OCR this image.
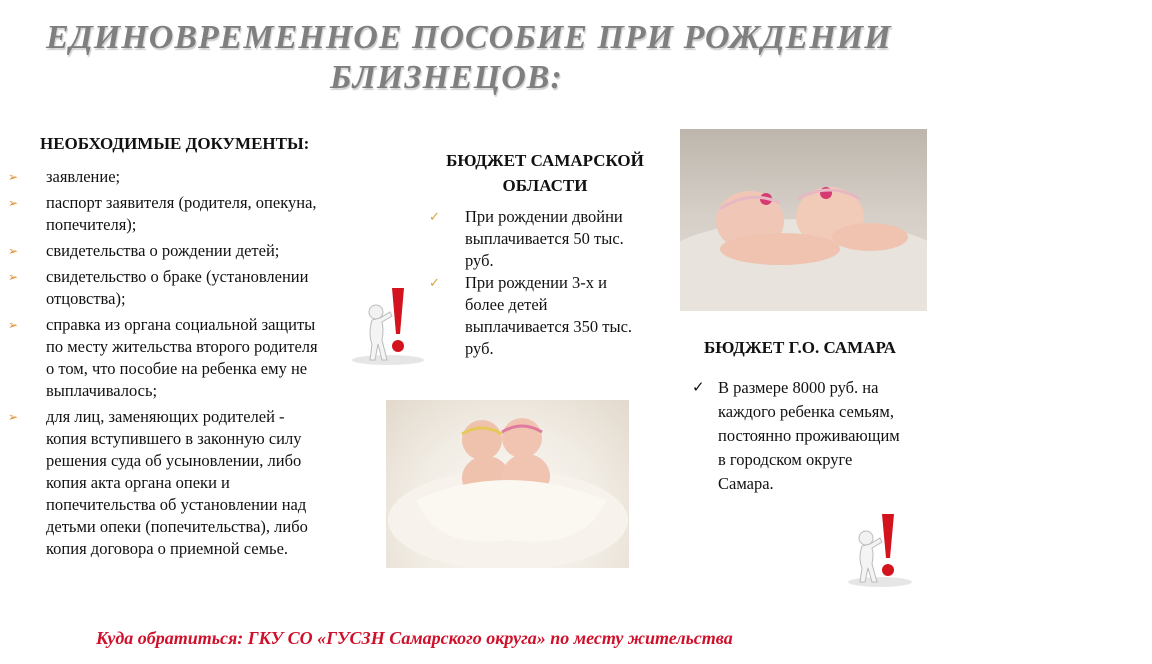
ЕДИНОВРЕМЕННОЕ ПОСОБИЕ ПРИ РОЖДЕНИИ
БЛИЗНЕЦОВ:
НЕОБХОДИМЫЕ ДОКУМЕНТЫ:
➢ заявление;
➢ паспорт заявителя (родителя, опекуна, попечителя);
➢ свидетельства о рождении детей;
➢ свидетельство о браке (установлении отцовства);
➢ справка из органа социальной защиты по месту жительства второго родителя о том, что пособие на ребенка ему не выплачивалось;
➢ для лиц, заменяющих родителей - копия вступившего в законную силу решения суда об усыновлении, либо копия акта органа опеки и попечительства об установлении над детьми опеки (попечительства), либо копия договора о приемной семье.
БЮДЖЕТ САМАРСКОЙ ОБЛАСТИ
✓ При рождении двойни выплачивается 50 тыс. руб.
✓ При рождении 3-х и более детей выплачивается 350 тыс. руб.	БЮДЖЕТ Г.О. САМАРА
✓ В размере 8000 руб. на каждого ребенка семьям, постоянно проживающим в городском округе Самара.
Куда обратиться: ГКУ СО «ГУСЗН Самарского округа» по месту жительства
